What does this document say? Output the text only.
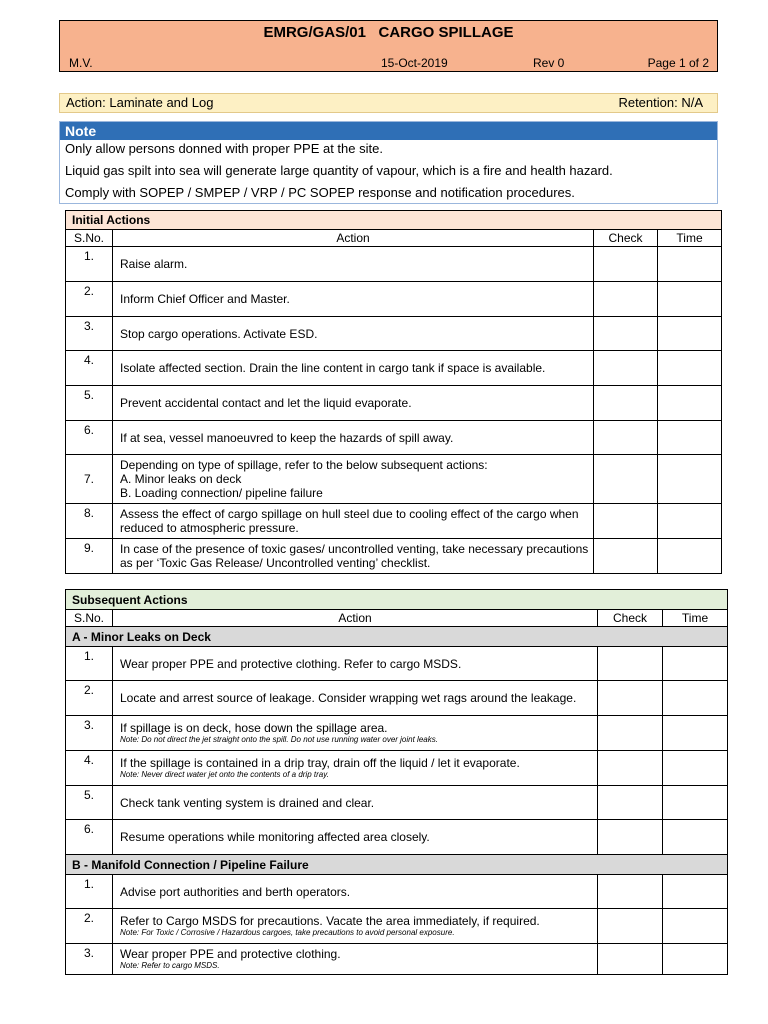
EMRG/GAS/01   CARGO SPILLAGE
M.V.	15-Oct-2019	Rev 0	Page 1 of 2
Action: Laminate and Log	Retention: N/A
Note
Only allow persons donned with proper PPE at the site.
Liquid gas spilt into sea will generate large quantity of vapour, which is a fire and health hazard.
Comply with SOPEP / SMPEP / VRP / PC SOPEP response and notification procedures.
Initial Actions			
S.No.	Action	Check	Time
1.	Raise alarm.		
2.	Inform Chief Officer and Master.		
3.	Stop cargo operations. Activate ESD.		
4.	Isolate affected section. Drain the line content in cargo tank if space is available.		
5.	Prevent accidental contact and let the liquid evaporate.		
6.	If at sea, vessel manoeuvred to keep the hazards of spill away.		
7.	Depending on type of spillage, refer to the below subsequent actions:
A. Minor leaks on deck
B. Loading connection/ pipeline failure		

8.	Assess the effect of cargo spillage on hull steel due to cooling effect of the cargo when reduced to atmospheric pressure.		
9.	In case of the presence of toxic gases/ uncontrolled venting, take necessary precautions as per ‘Toxic Gas Release/ Uncontrolled venting’ checklist.		
Subsequent Actions			
S.No.	Action	Check	Time
A - Minor Leaks on Deck			
1.	Wear proper PPE and protective clothing. Refer to cargo MSDS.		
2.	Locate and arrest source of leakage. Consider wrapping wet rags around the leakage.		
3.	If spillage is on deck, hose down the spillage area.
Note: Do not direct the jet straight onto the spill. Do not use running water over joint leaks.		

4.	If the spillage is contained in a drip tray, drain off the liquid / let it evaporate.
Note: Never direct water jet onto the contents of a drip tray.		

5.	Check tank venting system is drained and clear.		
6.	Resume operations while monitoring affected area closely.		
B - Manifold Connection / Pipeline Failure			
1.	Advise port authorities and berth operators.		
2.	Refer to Cargo MSDS for precautions. Vacate the area immediately, if required.
Note: For Toxic / Corrosive / Hazardous cargoes, take precautions to avoid personal exposure.		

3.	Wear proper PPE and protective clothing.
Note: Refer to cargo MSDS.		
